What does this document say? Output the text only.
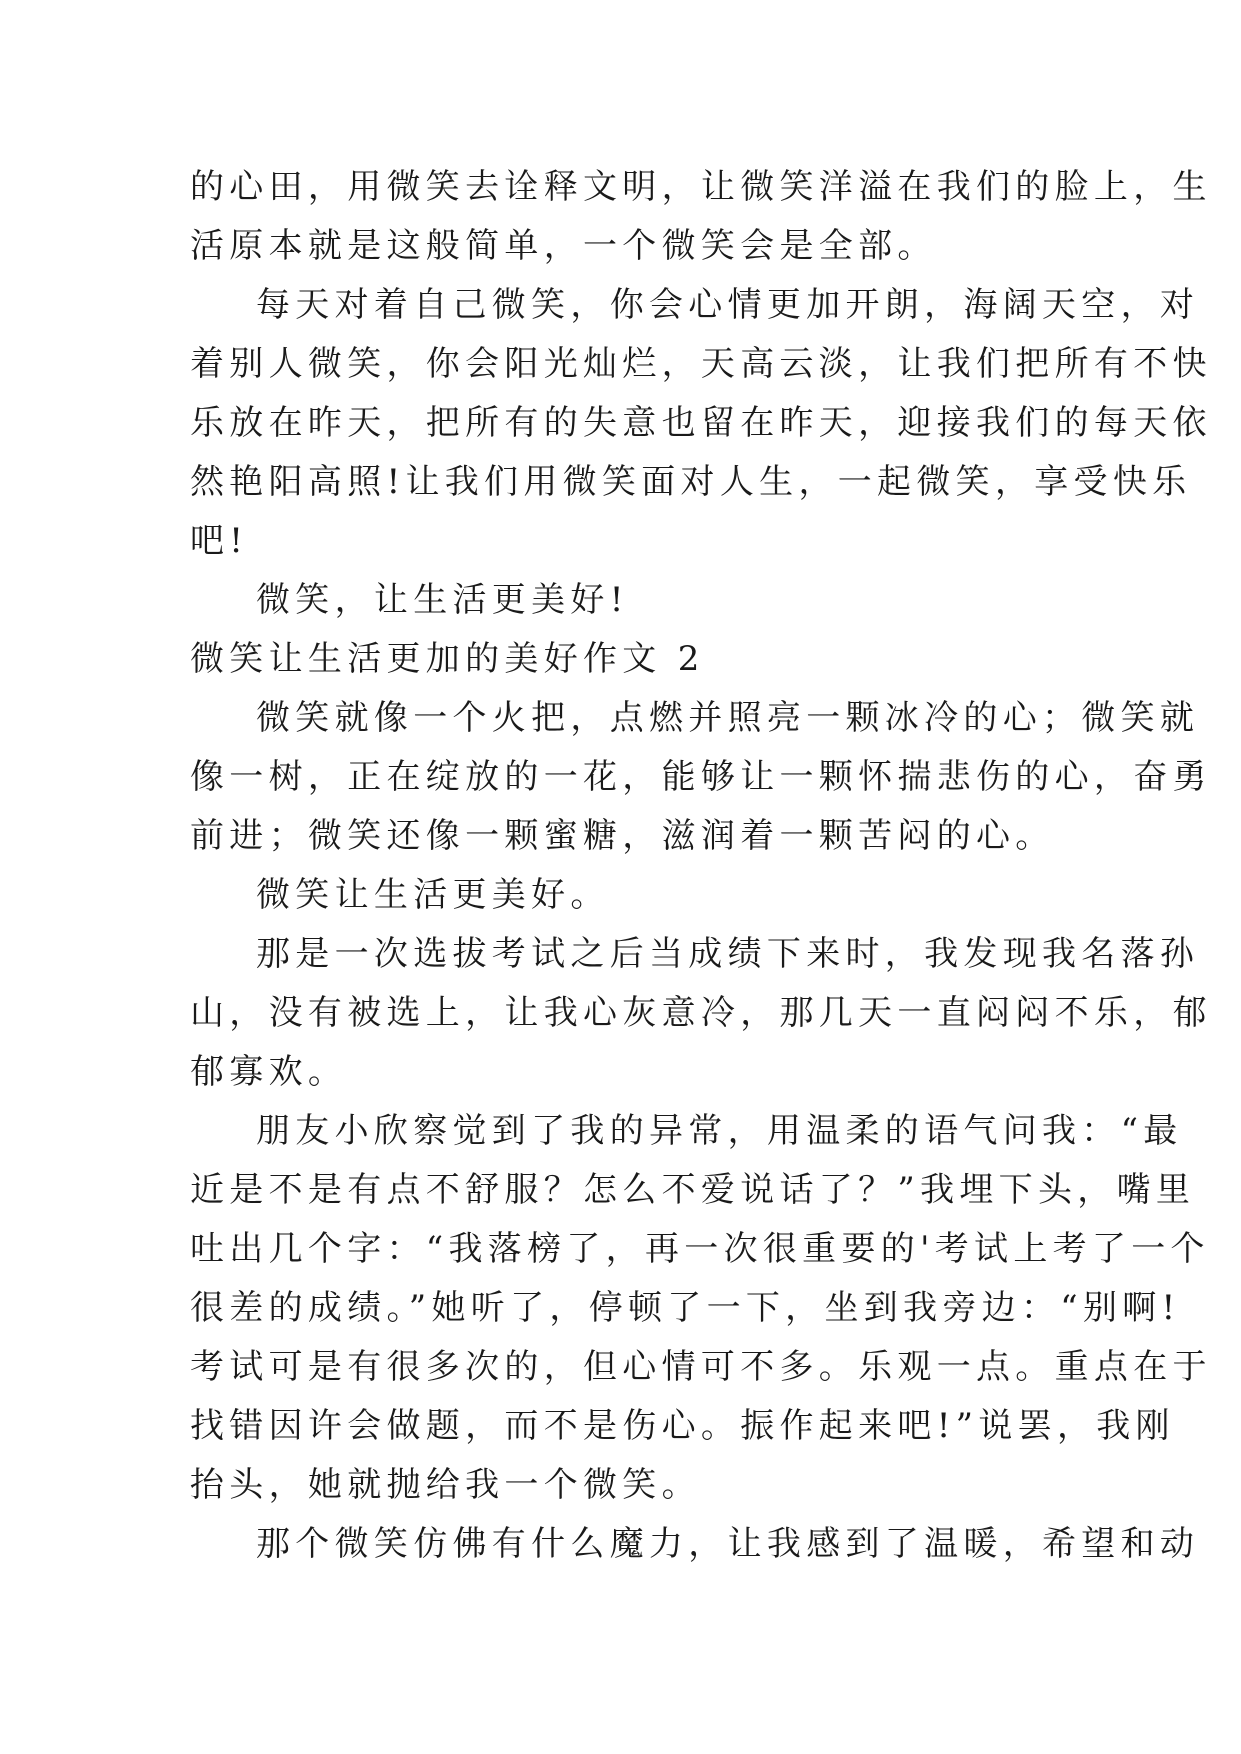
的心田，用微笑去诠释文明，让微笑洋溢在我们的脸上，生
活原本就是这般简单，一个微笑会是全部。
每天对着自己微笑，你会心情更加开朗，海阔天空，对
着别人微笑，你会阳光灿烂，天高云淡，让我们把所有不快
乐放在昨天，把所有的失意也留在昨天，迎接我们的每天依
然艳阳高照!让我们用微笑面对人生，一起微笑，享受快乐
吧!
微笑，让生活更美好!
微笑让生活更加的美好作文 2
微笑就像一个火把，点燃并照亮一颗冰冷的心；微笑就
像一树，正在绽放的一花，能够让一颗怀揣悲伤的心，奋勇
前进；微笑还像一颗蜜糖，滋润着一颗苦闷的心。
微笑让生活更美好。
那是一次选拔考试之后当成绩下来时，我发现我名落孙
山，没有被选上，让我心灰意冷，那几天一直闷闷不乐，郁
郁寡欢。
朋友小欣察觉到了我的异常，用温柔的语气问我：“最
近是不是有点不舒服？怎么不爱说话了？”我埋下头，嘴里
吐出几个字：“我落榜了，再一次很重要的'考试上考了一个
很差的成绩。”她听了，停顿了一下，坐到我旁边：“别啊!
考试可是有很多次的，但心情可不多。乐观一点。重点在于
找错因许会做题，而不是伤心。振作起来吧!”说罢，我刚
抬头，她就抛给我一个微笑。
那个微笑仿佛有什么魔力，让我感到了温暖，希望和动
